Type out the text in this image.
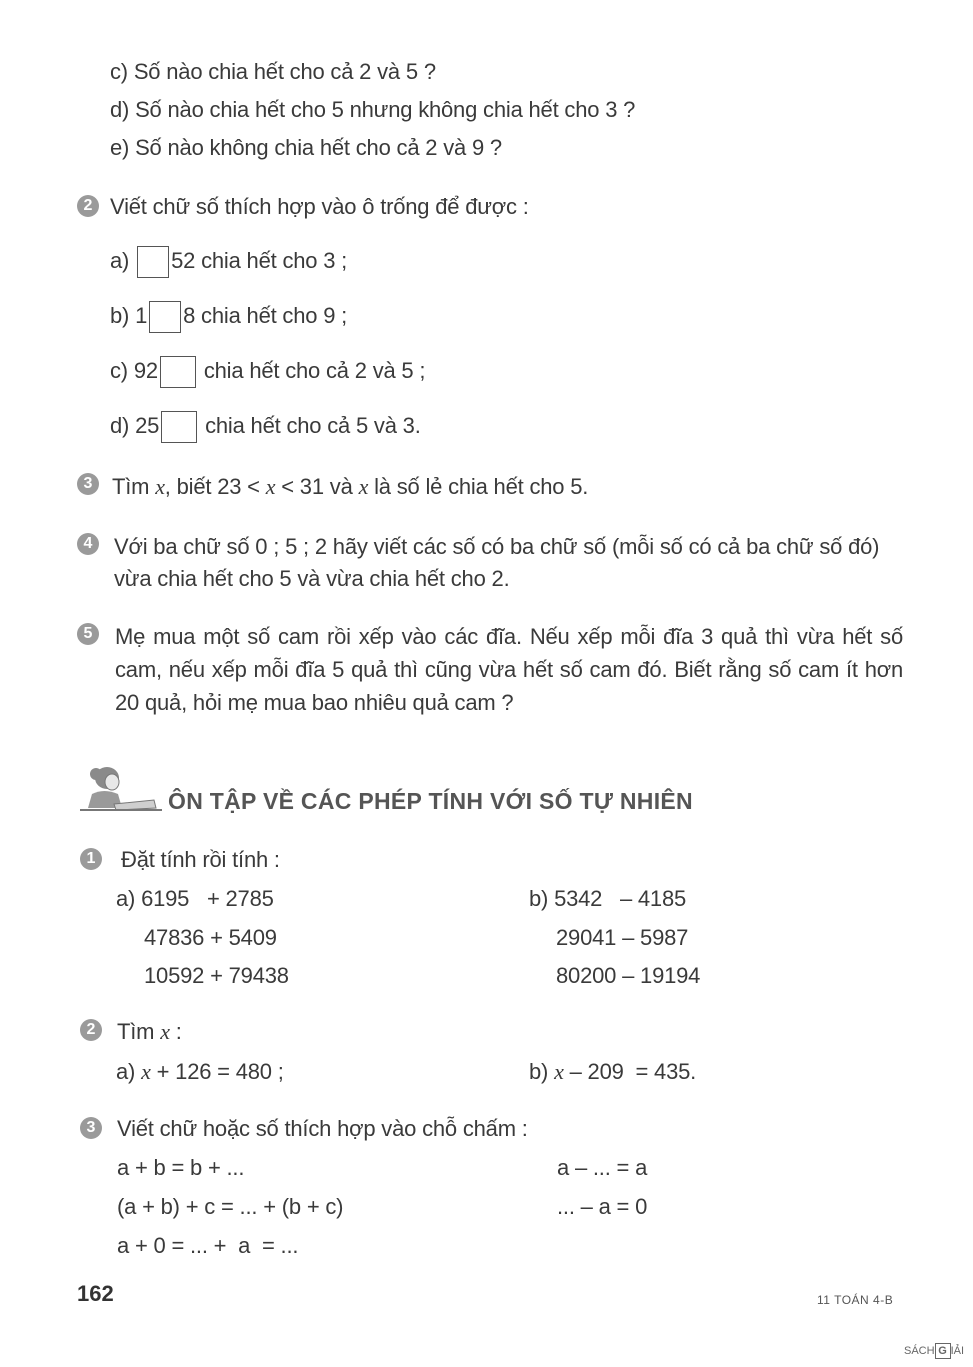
c) Số nào chia hết cho cả 2 và 5 ?
d) Số nào chia hết cho 5 nhưng không chia hết cho 3 ?
e) Số nào không chia hết cho cả 2 và 9 ?
2 Viết chữ số thích hợp vào ô trống để được :
a) 52 chia hết cho 3 ;
b) 1 8 chia hết cho 9 ;
c) 92 chia hết cho cả 2 và 5 ;
d) 25 chia hết cho cả 5 và 3.
3 Tìm x, biết 23 < x < 31 và x là số lẻ chia hết cho 5.
4 Với ba chữ số 0 ; 5 ; 2 hãy viết các số có ba chữ số (mỗi số có cả ba chữ số đó)
vừa chia hết cho 5 và vừa chia hết cho 2.
5 Mẹ mua một số cam rồi xếp vào các đĩa. Nếu xếp mỗi đĩa 3 quả thì vừa hết số cam, nếu xếp mỗi đĩa 5 quả thì cũng vừa hết số cam đó. Biết rằng số cam ít hơn 20 quả, hỏi mẹ mua bao nhiêu quả cam ?

ÔN TẬP VỀ CÁC PHÉP TÍNH VỚI SỐ TỰ NHIÊN
1 Đặt tính rồi tính :
a) 6195   + 2785
47836 + 5409
10592 + 79438
b) 5342   – 4185
29041 – 5987
80200 – 19194
2 Tìm x :
a) x + 126 = 480 ;	b) x – 209  = 435.
3 Viết chữ hoặc số thích hợp vào chỗ chấm :
a + b = b + ...
(a + b) + c = ... + (b + c)
a + 0 = ... +  a  = ...
a – ... = a
... – a = 0
162	11 TOÁN 4-B
SÁCH G IẢI
